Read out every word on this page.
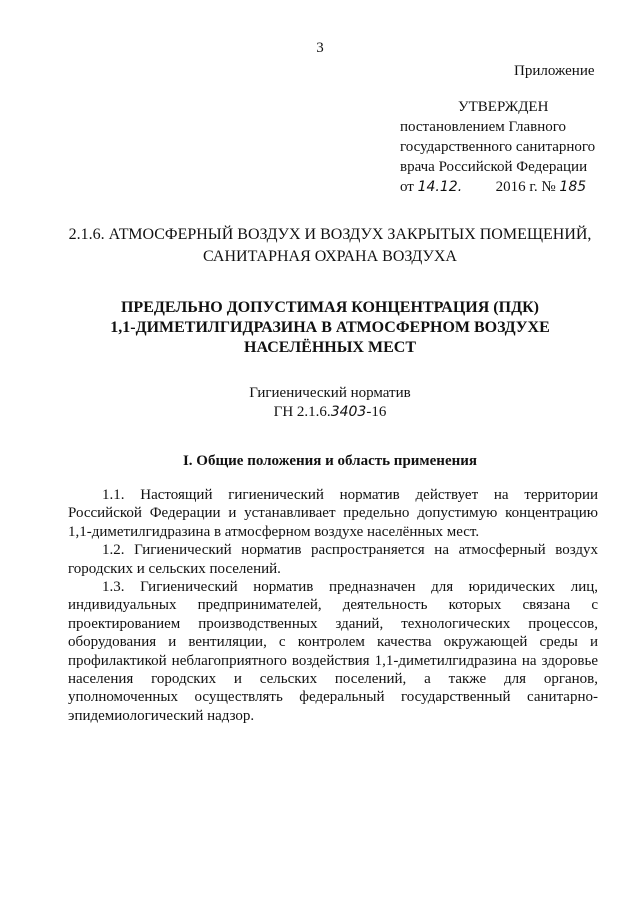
3
Приложение
УТВЕРЖДЕН
постановлением Главного
государственного санитарного
врача Российской Федерации
от 14.12. 2016 г. № 185
2.1.6. АТМОСФЕРНЫЙ ВОЗДУХ И ВОЗДУХ ЗАКРЫТЫХ ПОМЕЩЕНИЙ,
САНИТАРНАЯ ОХРАНА ВОЗДУХА
ПРЕДЕЛЬНО ДОПУСТИМАЯ КОНЦЕНТРАЦИЯ (ПДК)
1,1-ДИМЕТИЛГИДРАЗИНА В АТМОСФЕРНОМ ВОЗДУХЕ
НАСЕЛЁННЫХ МЕСТ
Гигиенический норматив
ГН 2.1.6.3403-16
I. Общие положения и область применения

1.1. Настоящий гигиенический норматив действует на территории Российской Федерации и устанавливает предельно допустимую концентрацию 1,1-диметилгидразина в атмосферном воздухе населённых мест.

1.2. Гигиенический норматив распространяется на атмосферный воздух городских и сельских поселений.

1.3. Гигиенический норматив предназначен для юридических лиц, индивидуальных предпринимателей, деятельность которых связана с проектированием производственных зданий, технологических процессов, оборудования и вентиляции, с контролем качества окружающей среды и профилактикой неблагоприятного воздействия 1,1-диметилгидразина на здоровье населения городских и сельских поселений, а также для органов, уполномоченных осуществлять федеральный государственный санитарно-эпидемиологический надзор.
